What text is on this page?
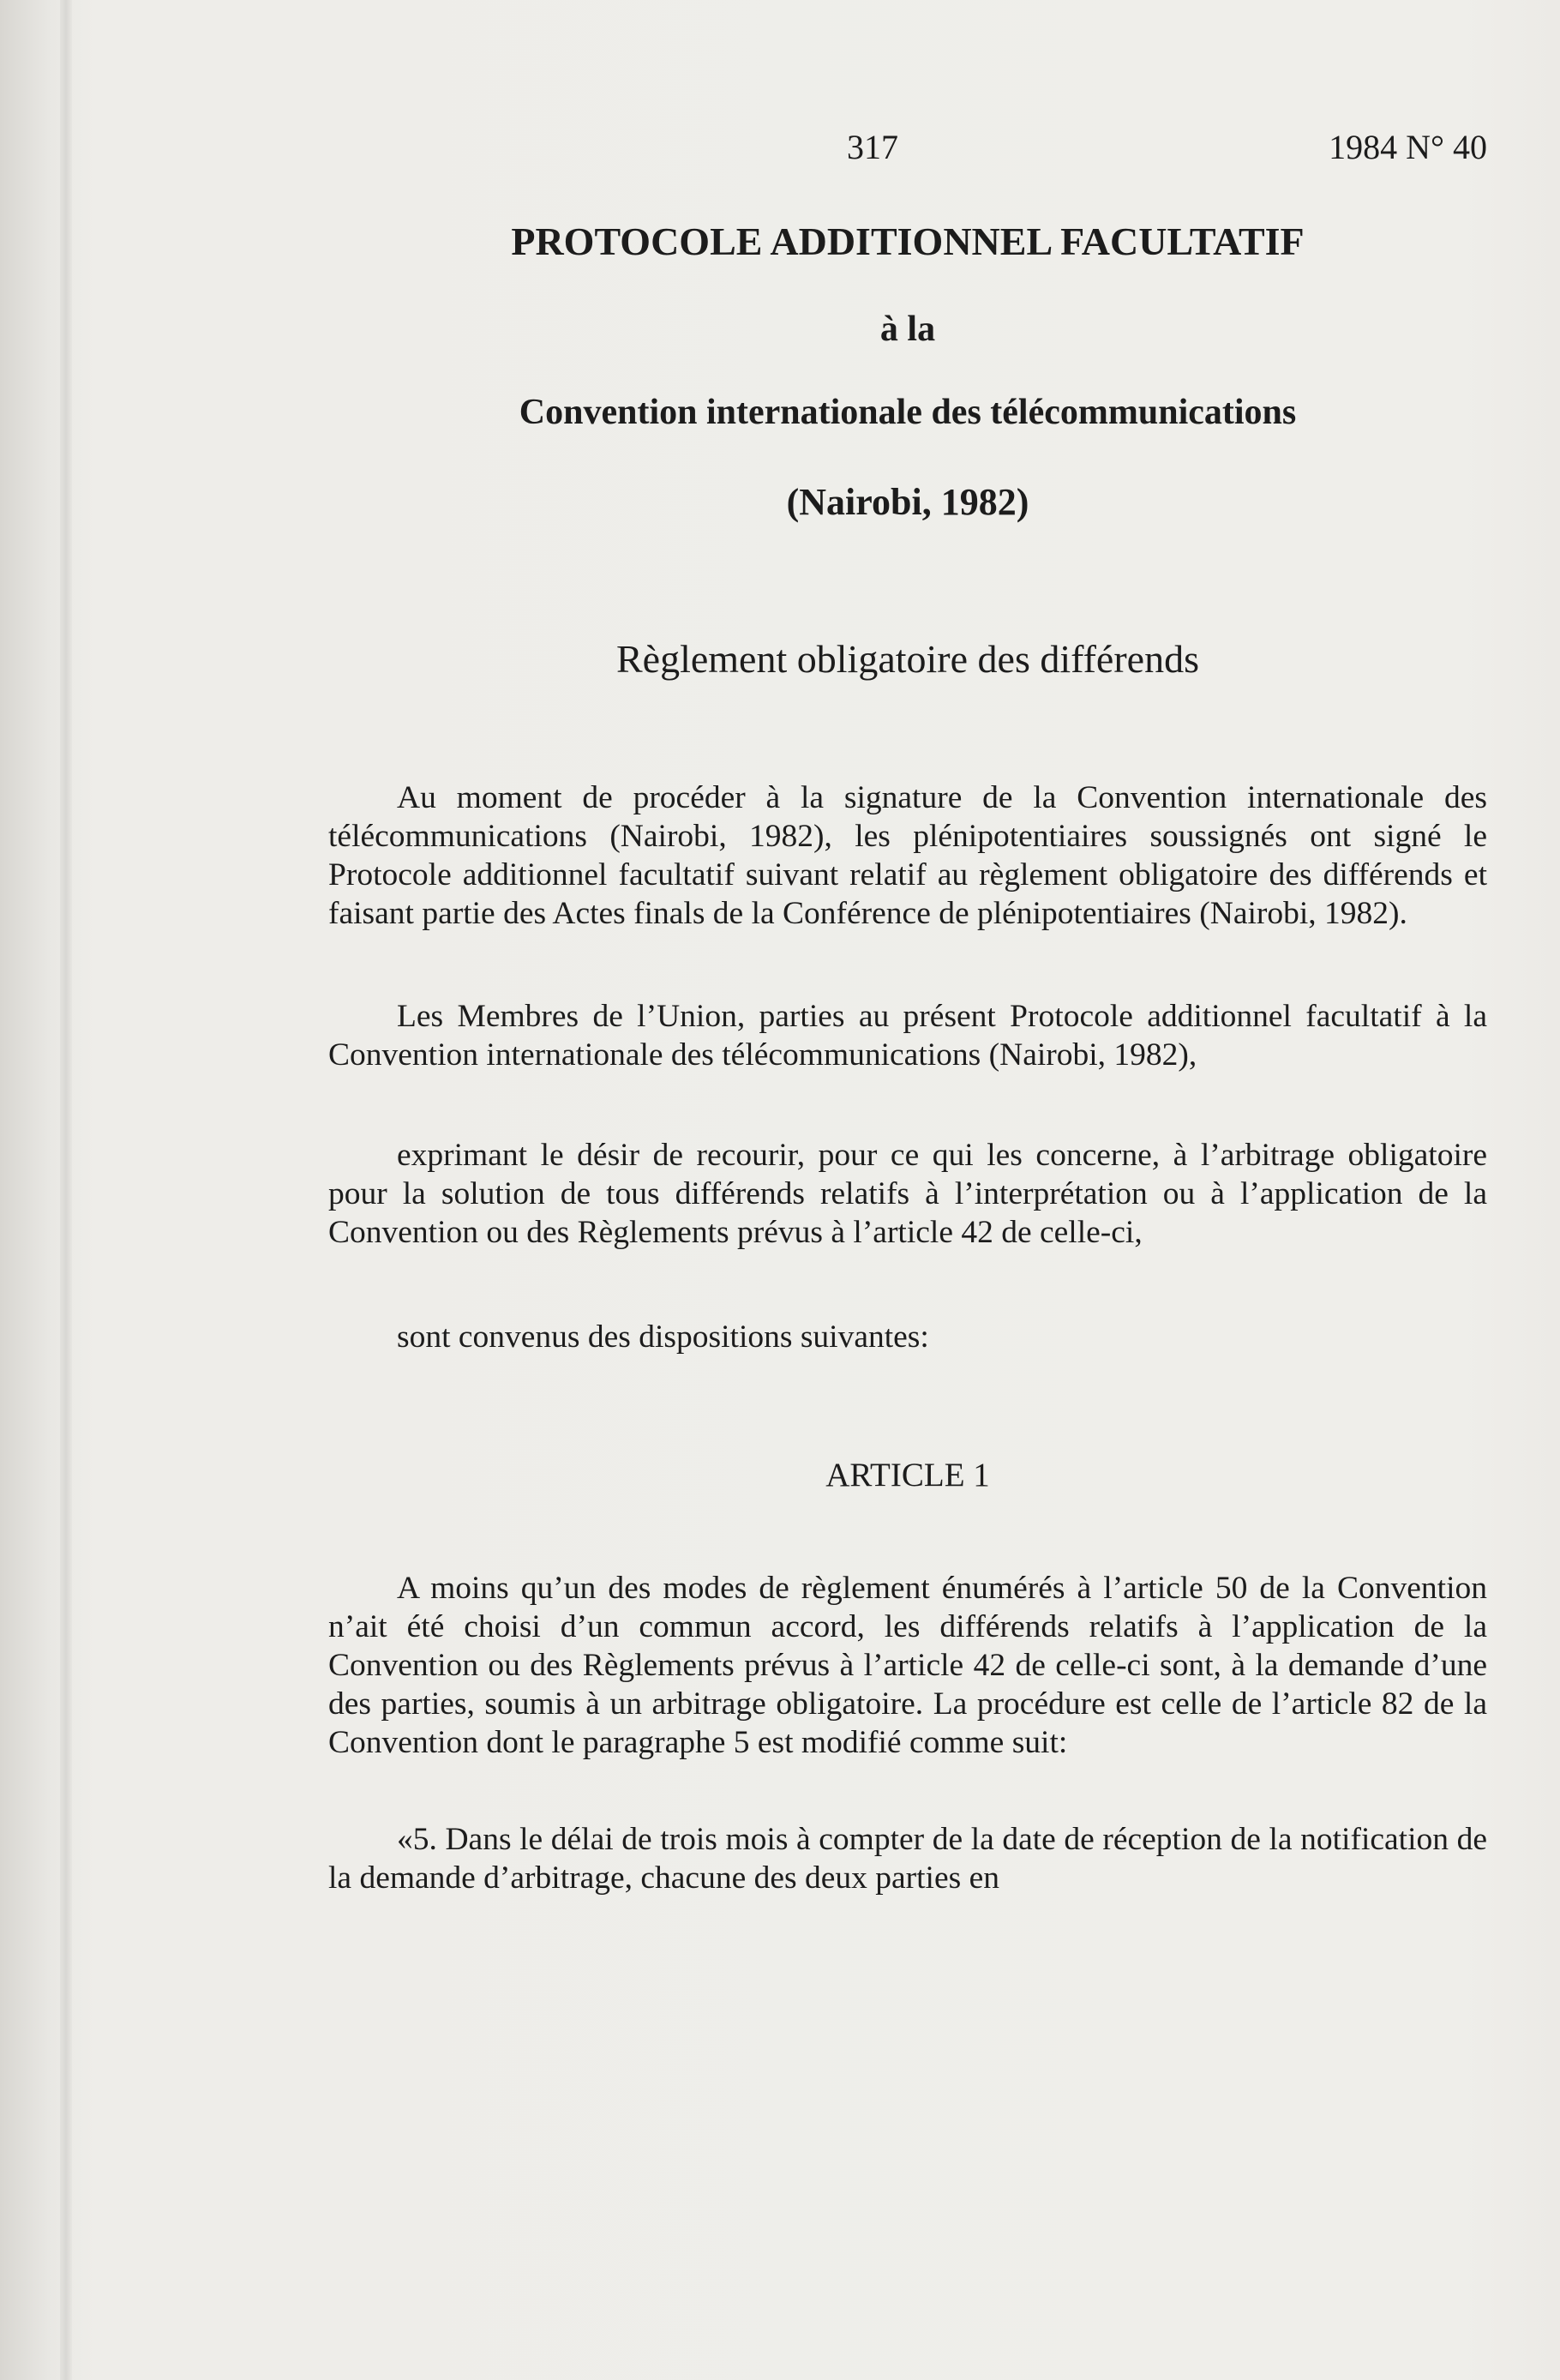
317	1984 N° 40
PROTOCOLE ADDITIONNEL FACULTATIF
à la
Convention internationale des télécommunications
(Nairobi, 1982)
Règlement obligatoire des différends

Au moment de procéder à la signature de la Convention internationale des télécommunications (Nairobi, 1982), les plénipotentiaires soussignés ont signé le Protocole additionnel facultatif suivant relatif au règlement obligatoire des différends et faisant partie des Actes finals de la Conférence de plénipotentiaires (Nairobi, 1982).

Les Membres de l’Union, parties au présent Protocole additionnel facultatif à la Convention internationale des télécommunications (Nairobi, 1982),

exprimant le désir de recourir, pour ce qui les concerne, à l’arbitrage obligatoire pour la solution de tous différends relatifs à l’interprétation ou à l’application de la Convention ou des Règlements prévus à l’article 42 de celle-ci,

sont convenus des dispositions suivantes:

ARTICLE 1

A moins qu’un des modes de règlement énumérés à l’article 50 de la Convention n’ait été choisi d’un commun accord, les différends relatifs à l’application de la Convention ou des Règlements prévus à l’article 42 de celle-ci sont, à la demande d’une des parties, soumis à un arbitrage obligatoire. La procédure est celle de l’article 82 de la Convention dont le paragraphe 5 est modifié comme suit:

«5. Dans le délai de trois mois à compter de la date de réception de la notification de la demande d’arbitrage, chacune des deux parties en
